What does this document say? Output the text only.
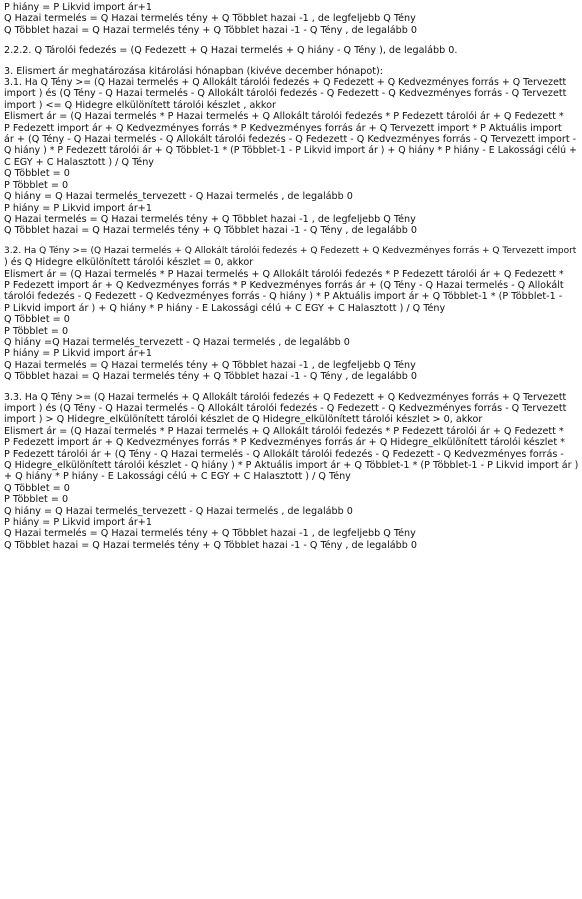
P hiány = P Likvid import ár+1
Q Hazai termelés = Q Hazai termelés tény + Q Többlet hazai -1 , de legfeljebb Q Tény
Q Többlet hazai = Q Hazai termelés tény + Q Többlet hazai -1 - Q Tény , de legalább 0
2.2.2. Q Tárolói fedezés = (Q Fedezett + Q Hazai termelés + Q hiány - Q Tény ), de legalább 0.
3. Elismert ár meghatározása kitárolási hónapban (kivéve december hónapot):
3.1. Ha Q Tény >= (Q Hazai termelés + Q Allokált tárolói fedezés + Q Fedezett + Q Kedvezményes forrás + Q Tervezett
import ) és (Q Tény - Q Hazai termelés - Q Allokált tárolói fedezés - Q Fedezett - Q Kedvezményes forrás - Q Tervezett
import ) <= Q Hidegre elkülönített tárolói készlet , akkor
Elismert ár = (Q Hazai termelés * P Hazai termelés + Q Allokált tárolói fedezés * P Fedezett tárolói ár + Q Fedezett *
P Fedezett import ár + Q Kedvezményes forrás * P Kedvezményes forrás ár + Q Tervezett import * P Aktuális import
ár + (Q Tény - Q Hazai termelés - Q Allokált tárolói fedezés - Q Fedezett - Q Kedvezményes forrás - Q Tervezett import -
Q hiány ) * P Fedezett tárolói ár + Q Többlet-1 * (P Többlet-1 - P Likvid import ár ) + Q hiány * P hiány - E Lakossági célú +
C EGY + C Halasztott ) / Q Tény
Q Többlet = 0
P Többlet = 0
Q hiány = Q Hazai termelés_tervezett - Q Hazai termelés , de legalább 0
P hiány = P Likvid import ár+1
Q Hazai termelés = Q Hazai termelés tény + Q Többlet hazai -1 , de legfeljebb Q Tény
Q Többlet hazai = Q Hazai termelés tény + Q Többlet hazai -1 - Q Tény , de legalább 0
3.2. Ha Q Tény >= (Q Hazai termelés + Q Allokált tárolói fedezés + Q Fedezett + Q Kedvezményes forrás + Q Tervezett import
) és Q Hidegre elkülönített tárolói készlet = 0, akkor
Elismert ár = (Q Hazai termelés * P Hazai termelés + Q Allokált tárolói fedezés * P Fedezett tárolói ár + Q Fedezett *
P Fedezett import ár + Q Kedvezményes forrás * P Kedvezményes forrás ár + (Q Tény - Q Hazai termelés - Q Allokált
tárolói fedezés - Q Fedezett - Q Kedvezményes forrás - Q hiány ) * P Aktuális import ár + Q Többlet-1 * (P Többlet-1 -
P Likvid import ár ) + Q hiány * P hiány - E Lakossági célú + C EGY + C Halasztott ) / Q Tény
Q Többlet = 0
P Többlet = 0
Q hiány =Q Hazai termelés_tervezett - Q Hazai termelés , de legalább 0
P hiány = P Likvid import ár+1
Q Hazai termelés = Q Hazai termelés tény + Q Többlet hazai -1 , de legfeljebb Q Tény
Q Többlet hazai = Q Hazai termelés tény + Q Többlet hazai -1 - Q Tény , de legalább 0
3.3. Ha Q Tény >= (Q Hazai termelés + Q Allokált tárolói fedezés + Q Fedezett + Q Kedvezményes forrás + Q Tervezett
import ) és (Q Tény - Q Hazai termelés - Q Allokált tárolói fedezés - Q Fedezett - Q Kedvezményes forrás - Q Tervezett
import ) > Q Hidegre_elkülönített tárolói készlet de Q Hidegre_elkülönített tárolói készlet > 0, akkor
Elismert ár = (Q Hazai termelés * P Hazai termelés + Q Allokált tárolói fedezés * P Fedezett tárolói ár + Q Fedezett *
P Fedezett import ár + Q Kedvezményes forrás * P Kedvezményes forrás ár + Q Hidegre_elkülönített tárolói készlet *
P Fedezett tárolói ár + (Q Tény - Q Hazai termelés - Q Allokált tárolói fedezés - Q Fedezett - Q Kedvezményes forrás -
Q Hidegre_elkülönített tárolói készlet - Q hiány ) * P Aktuális import ár + Q Többlet-1 * (P Többlet-1 - P Likvid import ár )
+ Q hiány * P hiány - E Lakossági célú + C EGY + C Halasztott ) / Q Tény
Q Többlet = 0
P Többlet = 0
Q hiány = Q Hazai termelés_tervezett - Q Hazai termelés , de legalább 0
P hiány = P Likvid import ár+1
Q Hazai termelés = Q Hazai termelés tény + Q Többlet hazai -1 , de legfeljebb Q Tény
Q Többlet hazai = Q Hazai termelés tény + Q Többlet hazai -1 - Q Tény , de legalább 0
